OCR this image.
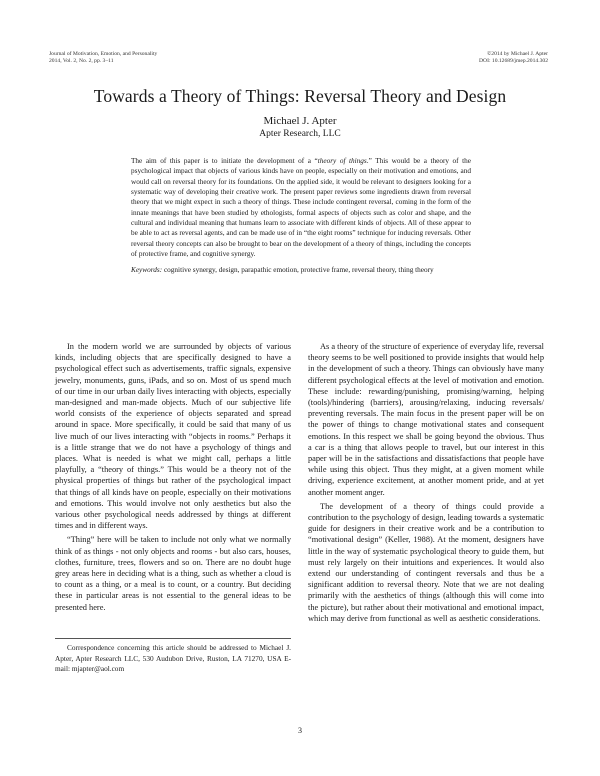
Journal of Motivation, Emotion, and Personality
2014, Vol. 2, No. 2, pp. 3–11
©2014 by Michael J. Apter
DOI: 10.12689/jmep.2014.302
Towards a Theory of Things: Reversal Theory and Design
Michael J. Apter
Apter Research, LLC

The aim of this paper is to initiate the development of a “theory of things.” This would be a theory of the psychological impact that objects of various kinds have on people, especially on their motivation and emotions, and would call on reversal theory for its foundations. On the applied side, it would be relevant to designers looking for a systematic way of developing their creative work. The present paper reviews some ingredients drawn from reversal theory that we might expect in such a theory of things. These include contingent reversal, coming in the form of the innate meanings that have been studied by ethologists, formal aspects of objects such as color and shape, and the cultural and individual meaning that humans learn to associate with different kinds of objects. All of these appear to be able to act as reversal agents, and can be made use of in “the eight rooms” technique for inducing reversals. Other reversal theory concepts can also be brought to bear on the development of a theory of things, including the concepts of protective frame, and cognitive synergy.

Keywords: cognitive synergy, design, parapathic emotion, protective frame, reversal theory, thing theory

In the modern world we are surrounded by objects of various kinds, including objects that are specifically designed to have a psychological effect such as advertisements, traffic signals, expensive jewelry, monuments, guns, iPads, and so on. Most of us spend much of our time in our urban daily lives interacting with objects, especially man-designed and man-made objects. Much of our subjective life world consists of the experience of objects separated and spread around in space. More specifically, it could be said that many of us live much of our lives interacting with “objects in rooms.” Perhaps it is a little strange that we do not have a psychology of things and places. What is needed is what we might call, perhaps a little playfully, a “theory of things.” This would be a theory not of the physical properties of things but rather of the psychological impact that things of all kinds have on people, especially on their motivations and emotions. This would involve not only aesthetics but also the various other psychological needs addressed by things at different times and in different ways.

“Thing” here will be taken to include not only what we normally think of as things - not only objects and rooms - but also cars, houses, clothes, furniture, trees, flowers and so on. There are no doubt huge grey areas here in deciding what is a thing, such as whether a cloud is to count as a thing, or a meal is to count, or a country. But deciding these in particular areas is not essential to the general ideas to be presented here.

As a theory of the structure of experience of everyday life, reversal theory seems to be well positioned to provide insights that would help in the development of such a theory. Things can obviously have many different psychological effects at the level of motivation and emotion. These include: rewarding/punishing, promising/warning, helping (tools)/hindering (barriers), arousing/relaxing, inducing reversals/ preventing reversals. The main focus in the present paper will be on the power of things to change motivational states and consequent emotions. In this respect we shall be going beyond the obvious. Thus a car is a thing that allows people to travel, but our interest in this paper will be in the satisfactions and dissatisfactions that people have while using this object. Thus they might, at a given moment while driving, experience excitement, at another moment pride, and at yet another moment anger.

The development of a theory of things could provide a contribution to the psychology of design, leading towards a systematic guide for designers in their creative work and be a contribution to “motivational design” (Keller, 1988). At the moment, designers have little in the way of systematic psychological theory to guide them, but must rely largely on their intuitions and experiences. It would also extend our understanding of contingent reversals and thus be a significant addition to reversal theory. Note that we are not dealing primarily with the aesthetics of things (although this will come into the picture), but rather about their motivational and emotional impact, which may derive from functional as well as aesthetic considerations.

Correspondence concerning this article should be addressed to Michael J. Apter, Apter Research LLC, 530 Audubon Drive, Ruston, LA 71270, USA E-mail: mjapter@aol.com
3
